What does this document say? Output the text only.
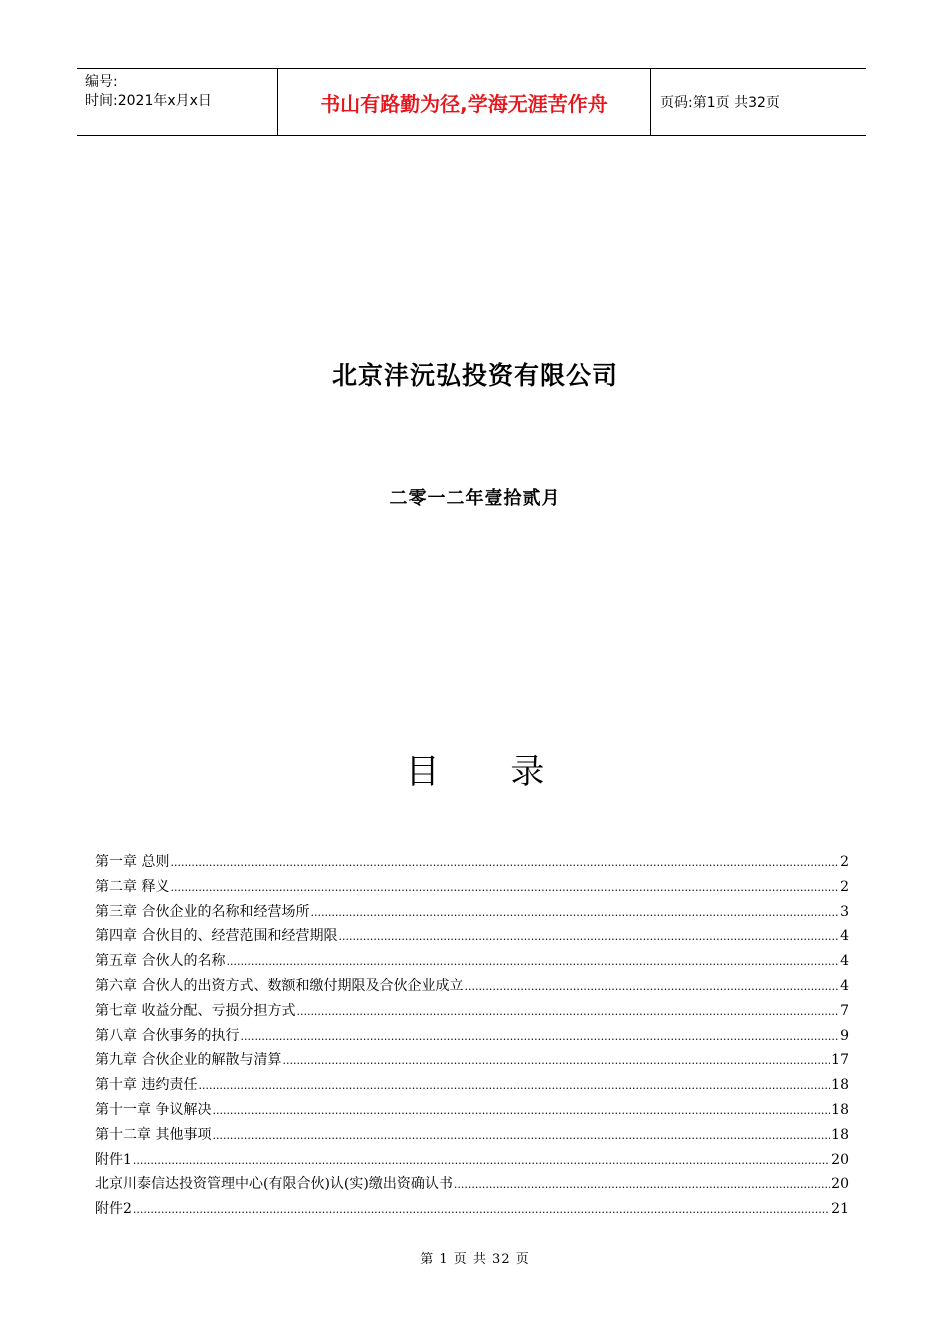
编号:
时间:2021年x月x日	书山有路勤为径,学海无涯苦作舟	页码:第1页 共32页
北京沣沅弘投资有限公司
二零一二年壹拾贰月
目 录
第一章 总则 .....	2
第二章 释义 .....	2
第三章 合伙企业的名称和经营场所 .....	3
第四章 合伙目的、经营范围和经营期限 .....	4
第五章 合伙人的名称 .....	4
第六章 合伙人的出资方式、数额和缴付期限及合伙企业成立 .....	4
第七章 收益分配、亏损分担方式 .....	7
第八章 合伙事务的执行 .....	9
第九章 合伙企业的解散与清算 .....	17
第十章 违约责任 .....	18
第十一章 争议解决 .....	18
第十二章 其他事项 .....	18
附件1 .....	20
北京川泰信达投资管理中心(有限合伙)认(实)缴出资确认书 .....	20
附件2 .....	21
第 1 页 共 32 页
